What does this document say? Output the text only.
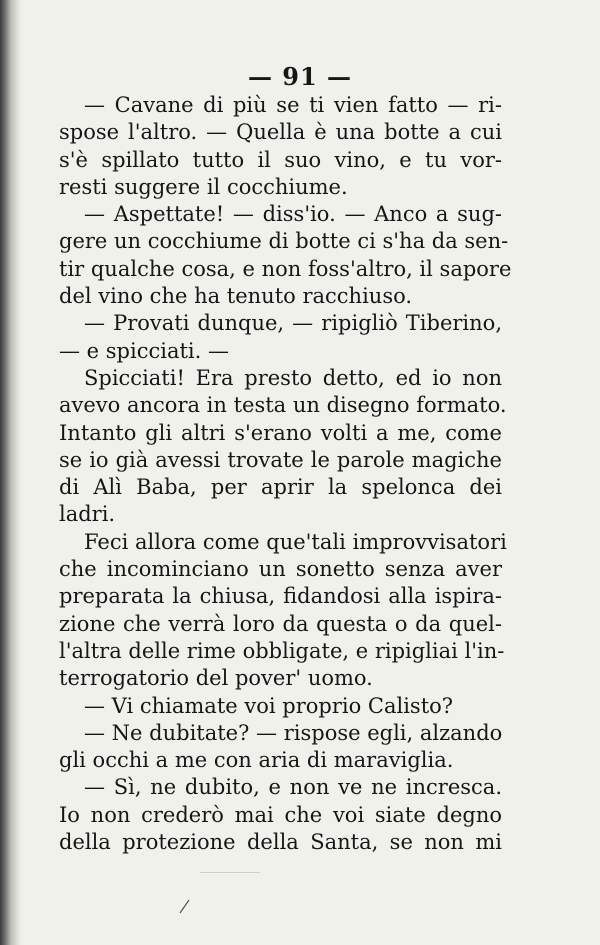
— 91 —
— Cavane di più se ti vien fatto — ri-
spose l'altro. — Quella è una botte a cui
s'è spillato tutto il suo vino, e tu vor-
resti suggere il cocchiume.
— Aspettate! — diss'io. — Anco a sug-
gere un cocchiume di botte ci s'ha da sen-
tir qualche cosa, e non foss'altro, il sapore
del vino che ha tenuto racchiuso.
— Provati dunque, — ripigliò Tiberino,
— e spicciati. —
Spicciati! Era presto detto, ed io non
avevo ancora in testa un disegno formato.
Intanto gli altri s'erano volti a me, come
se io già avessi trovate le parole magiche
di Alì Baba, per aprir la spelonca dei
ladri.
Feci allora come que'tali improvvisatori
che incominciano un sonetto senza aver
preparata la chiusa, fidandosi alla ispira-
zione che verrà loro da questa o da quel-
l'altra delle rime obbligate, e ripigliai l'in-
terrogatorio del pover' uomo.
— Vi chiamate voi proprio Calisto?
— Ne dubitate? — rispose egli, alzando
gli occhi a me con aria di maraviglia.
— Sì, ne dubito, e non ve ne incresca.
Io non crederò mai che voi siate degno
della protezione della Santa, se non mi
